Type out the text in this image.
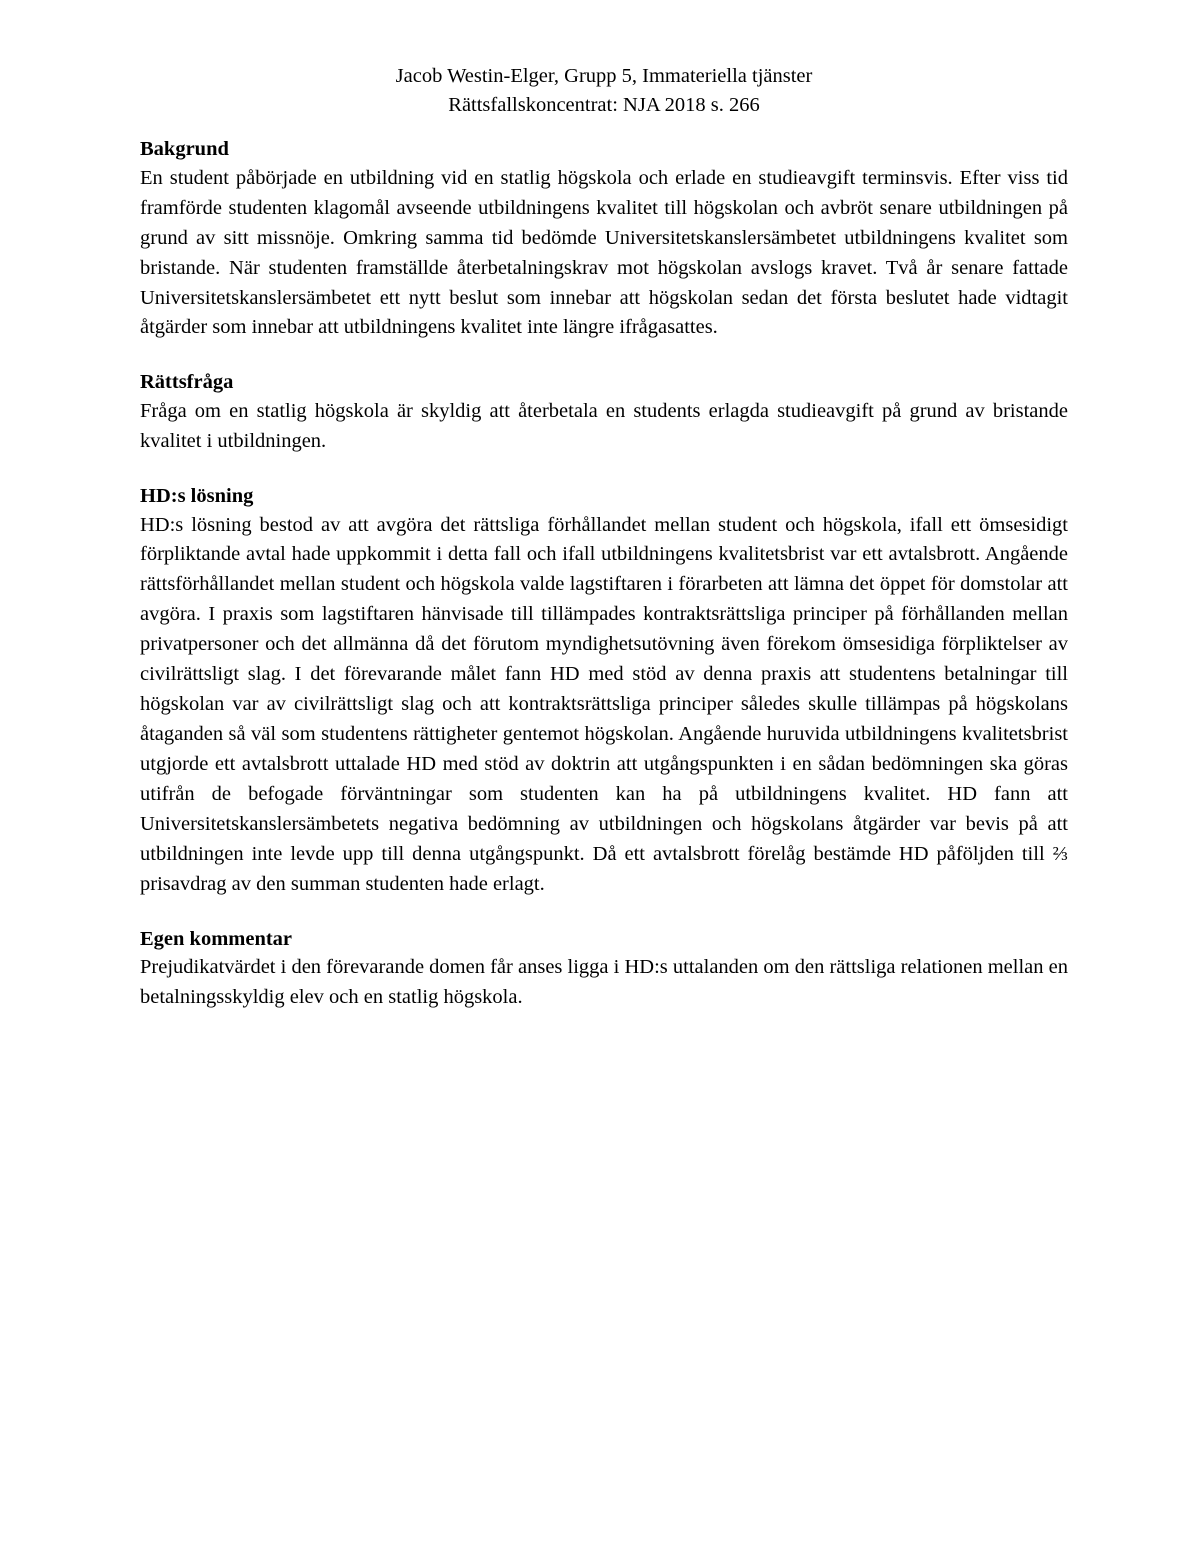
Jacob Westin-Elger, Grupp 5, Immateriella tjänster
Rättsfallskoncentrat: NJA 2018 s. 266
Bakgrund

En student påbörjade en utbildning vid en statlig högskola och erlade en studieavgift terminsvis. Efter viss tid framförde studenten klagomål avseende utbildningens kvalitet till högskolan och avbröt senare utbildningen på grund av sitt missnöje. Omkring samma tid bedömde Universitetskanslersämbetet utbildningens kvalitet som bristande. När studenten framställde återbetalningskrav mot högskolan avslogs kravet. Två år senare fattade Universitetskanslersämbetet ett nytt beslut som innebar att högskolan sedan det första beslutet hade vidtagit åtgärder som innebar att utbildningens kvalitet inte längre ifrågasattes.

Rättsfråga

Fråga om en statlig högskola är skyldig att återbetala en students erlagda studieavgift på grund av bristande kvalitet i utbildningen.

HD:s lösning

HD:s lösning bestod av att avgöra det rättsliga förhållandet mellan student och högskola, ifall ett ömsesidigt förpliktande avtal hade uppkommit i detta fall och ifall utbildningens kvalitetsbrist var ett avtalsbrott. Angående rättsförhållandet mellan student och högskola valde lagstiftaren i förarbeten att lämna det öppet för domstolar att avgöra. I praxis som lagstiftaren hänvisade till tillämpades kontraktsrättsliga principer på förhållanden mellan privatpersoner och det allmänna då det förutom myndighetsutövning även förekom ömsesidiga förpliktelser av civilrättsligt slag. I det förevarande målet fann HD med stöd av denna praxis att studentens betalningar till högskolan var av civilrättsligt slag och att kontraktsrättsliga principer således skulle tillämpas på högskolans åtaganden så väl som studentens rättigheter gentemot högskolan. Angående huruvida utbildningens kvalitetsbrist utgjorde ett avtalsbrott uttalade HD med stöd av doktrin att utgångspunkten i en sådan bedömningen ska göras utifrån de befogade förväntningar som studenten kan ha på utbildningens kvalitet. HD fann att Universitetskanslersämbetets negativa bedömning av utbildningen och högskolans åtgärder var bevis på att utbildningen inte levde upp till denna utgångspunkt. Då ett avtalsbrott förelåg bestämde HD påföljden till ⅔ prisavdrag av den summan studenten hade erlagt.

Egen kommentar

Prejudikatvärdet i den förevarande domen får anses ligga i HD:s uttalanden om den rättsliga relationen mellan en betalningsskyldig elev och en statlig högskola.
